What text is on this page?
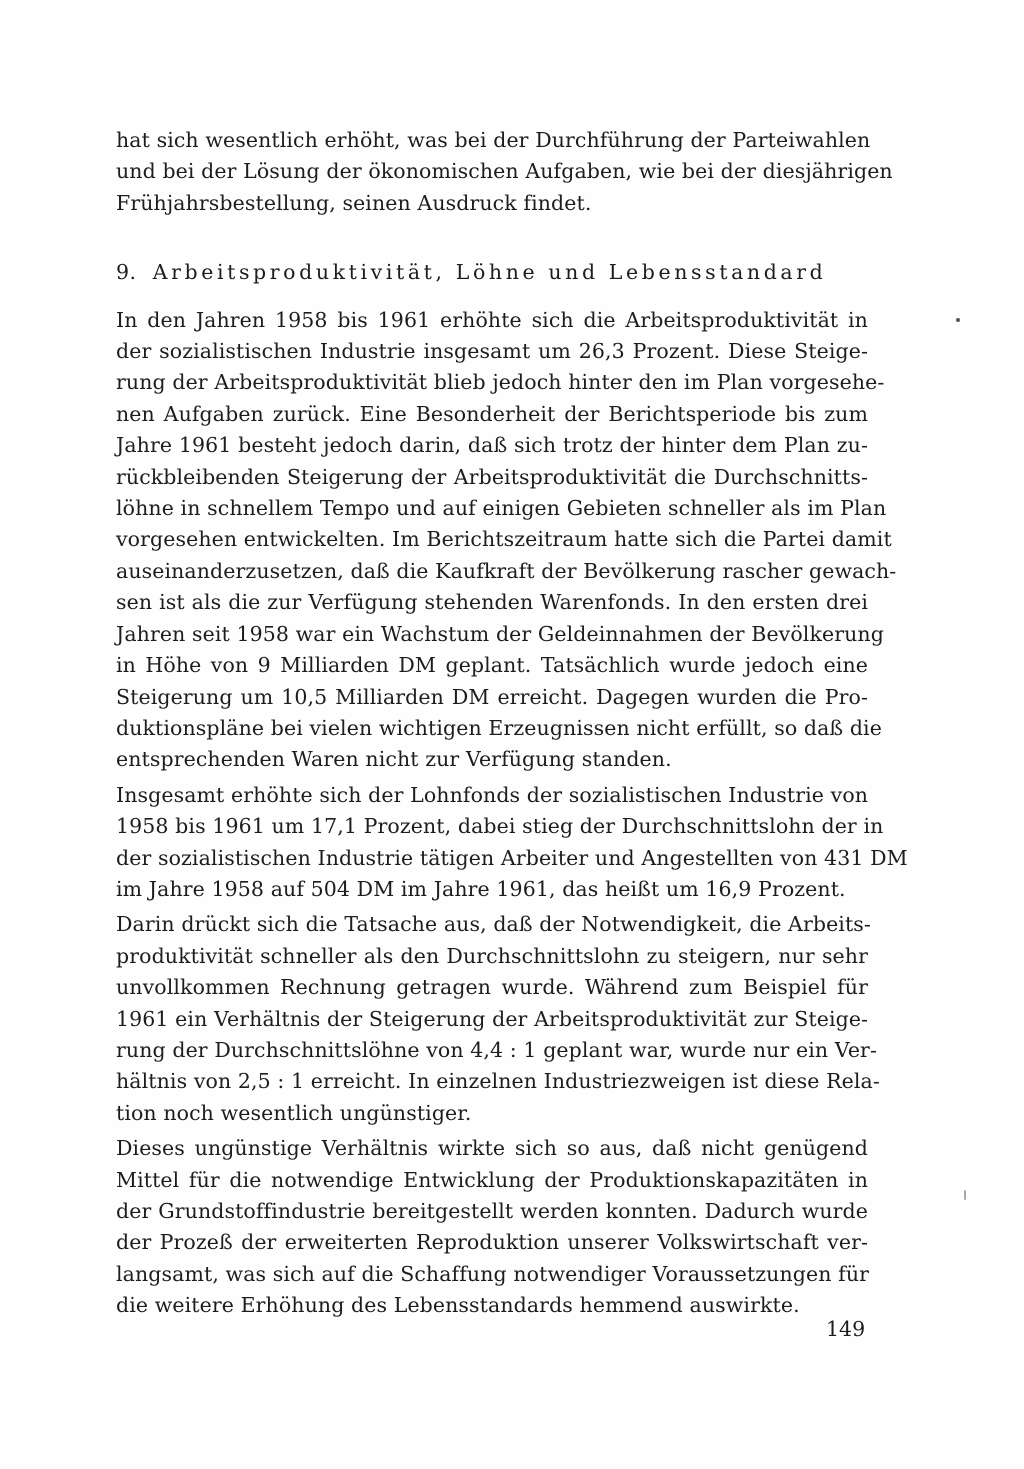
hat sich wesentlich erhöht, was bei der Durchführung der Parteiwahlen
und bei der Lösung der ökonomischen Aufgaben, wie bei der diesjährigen
Frühjahrsbestellung, seinen Ausdruck findet.

9. Arbeitsproduktivität, Löhne und Lebensstandard

In den Jahren 1958 bis 1961 erhöhte sich die Arbeitsproduktivität in
der sozialistischen Industrie insgesamt um 26,3 Prozent. Diese Steige-
rung der Arbeitsproduktivität blieb jedoch hinter den im Plan vorgesehe-
nen Aufgaben zurück. Eine Besonderheit der Berichtsperiode bis zum
Jahre 1961 besteht jedoch darin, daß sich trotz der hinter dem Plan zu-
rückbleibenden Steigerung der Arbeitsproduktivität die Durchschnitts-
löhne in schnellem Tempo und auf einigen Gebieten schneller als im Plan
vorgesehen entwickelten. Im Berichtszeitraum hatte sich die Partei damit
auseinanderzusetzen, daß die Kaufkraft der Bevölkerung rascher gewach-
sen ist als die zur Verfügung stehenden Warenfonds. In den ersten drei
Jahren seit 1958 war ein Wachstum der Geldeinnahmen der Bevölkerung
in Höhe von 9 Milliarden DM geplant. Tatsächlich wurde jedoch eine
Steigerung um 10,5 Milliarden DM erreicht. Dagegen wurden die Pro-
duktionspläne bei vielen wichtigen Erzeugnissen nicht erfüllt, so daß die
entsprechenden Waren nicht zur Verfügung standen.

Insgesamt erhöhte sich der Lohnfonds der sozialistischen Industrie von
1958 bis 1961 um 17,1 Prozent, dabei stieg der Durchschnittslohn der in
der sozialistischen Industrie tätigen Arbeiter und Angestellten von 431 DM
im Jahre 1958 auf 504 DM im Jahre 1961, das heißt um 16,9 Prozent.

Darin drückt sich die Tatsache aus, daß der Notwendigkeit, die Arbeits-
produktivität schneller als den Durchschnittslohn zu steigern, nur sehr
unvollkommen Rechnung getragen wurde. Während zum Beispiel für
1961 ein Verhältnis der Steigerung der Arbeitsproduktivität zur Steige-
rung der Durchschnittslöhne von 4,4 : 1 geplant war, wurde nur ein Ver-
hältnis von 2,5 : 1 erreicht. In einzelnen Industriezweigen ist diese Rela-
tion noch wesentlich ungünstiger.

Dieses ungünstige Verhältnis wirkte sich so aus, daß nicht genügend
Mittel für die notwendige Entwicklung der Produktionskapazitäten in
der Grundstoffindustrie bereitgestellt werden konnten. Dadurch wurde
der Prozeß der erweiterten Reproduktion unserer Volkswirtschaft ver-
langsamt, was sich auf die Schaffung notwendiger Voraussetzungen für
die weitere Erhöhung des Lebensstandards hemmend auswirkte.

149
